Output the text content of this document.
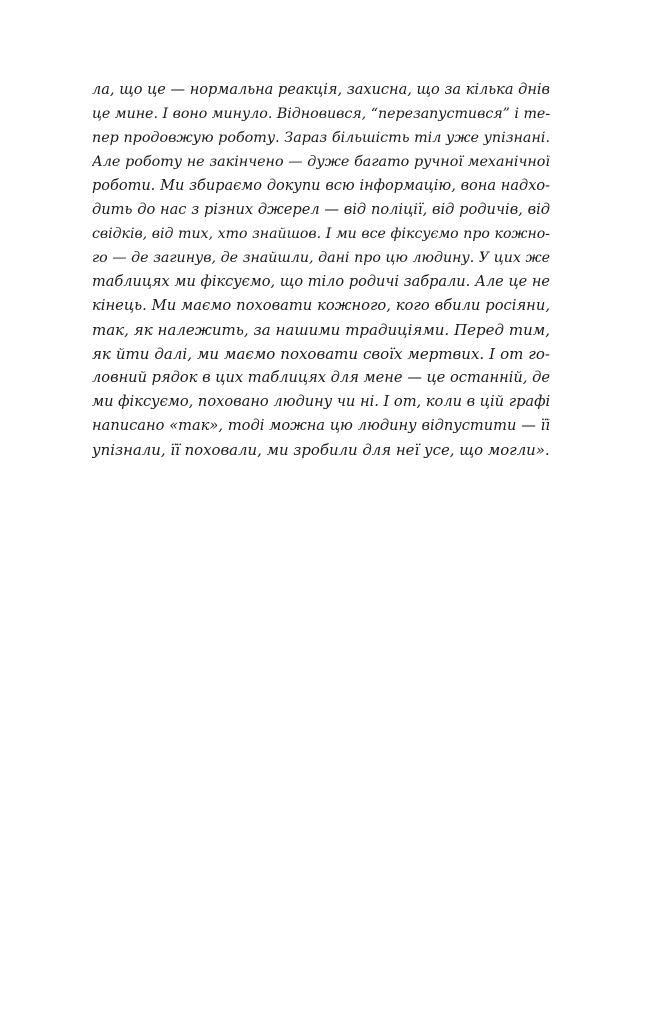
ла, що це — нормальна реакція, захисна, що за кілька днів
це мине. І воно минуло. Відновився, “перезапустився” і те-
пер продовжую роботу. Зараз більшість тіл уже упізнані.
Але роботу не закінчено — дуже багато ручної механічної
роботи. Ми збираємо докупи всю інформацію, вона надхо-
дить до нас з різних джерел — від поліції, від родичів, від
свідків, від тих, хто знайшов. І ми все фіксуємо про кожно-
го — де загинув, де знайшли, дані про цю людину. У цих же
таблицях ми фіксуємо, що тіло родичі забрали. Але це не
кінець. Ми маємо поховати кожного, кого вбили росіяни,
так, як належить, за нашими традиціями. Перед тим,
як йти далі, ми маємо поховати своїх мертвих. І от го-
ловний рядок в цих таблицях для мене — це останній, де
ми фіксуємо, поховано людину чи ні. І от, коли в цій графі
написано «так», тоді можна цю людину відпустити — її
упізнали, її поховали, ми зробили для неї усе, що могли».
